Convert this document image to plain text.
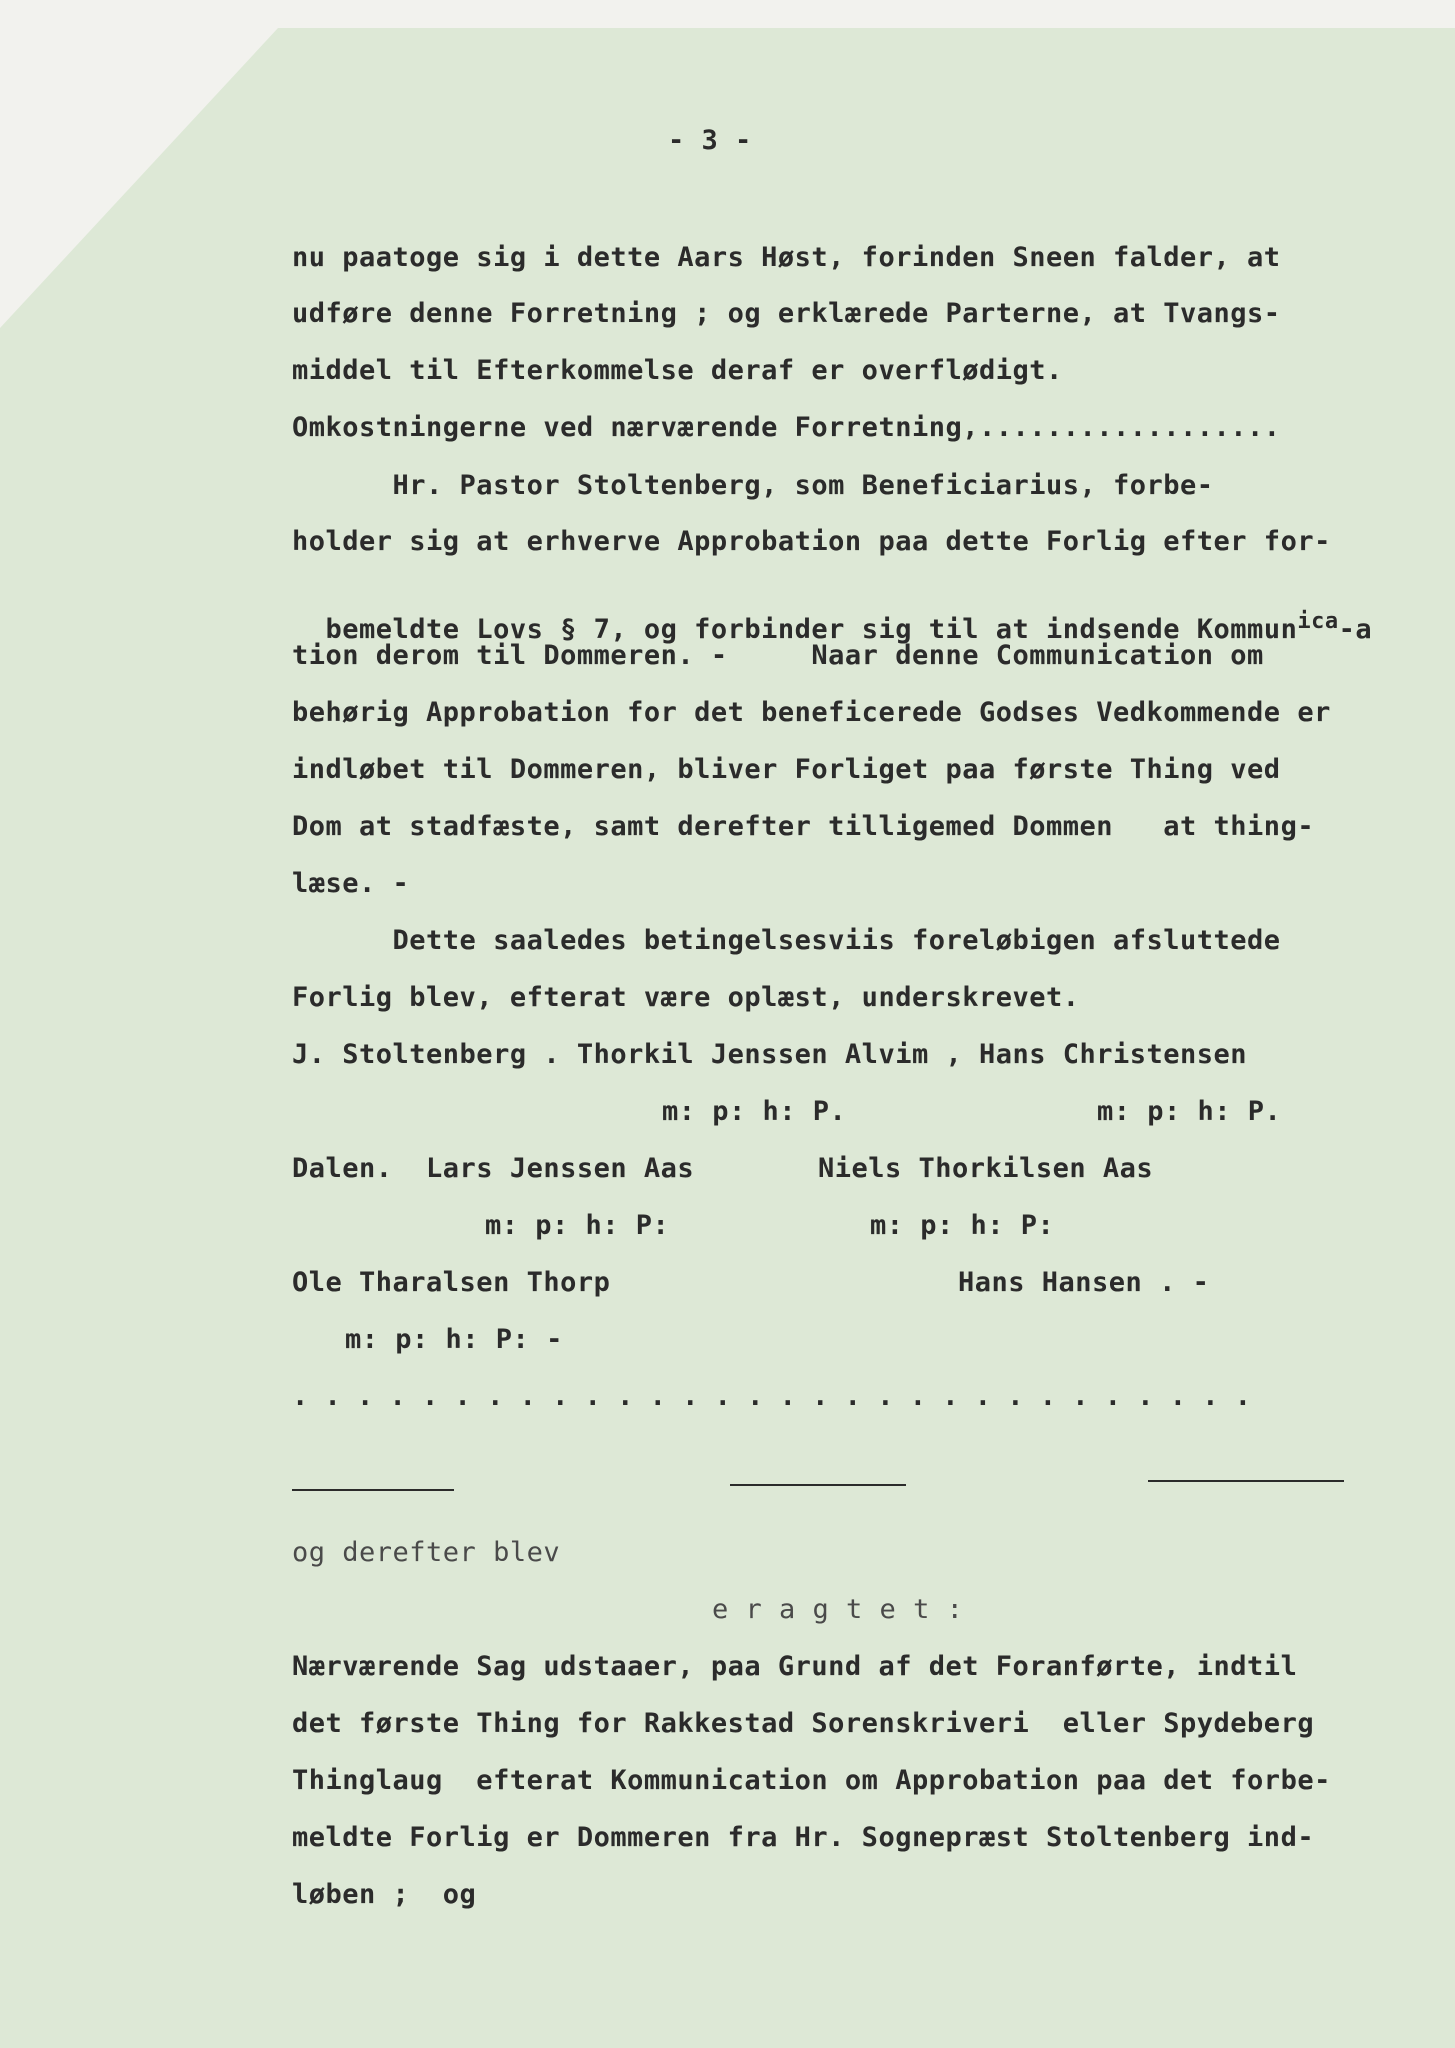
- 3 -
nu paatoge sig i dette Aars Høst, forinden Sneen falder, at
udføre denne Forretning ; og erklærede Parterne, at Tvangs-
middel til Efterkommelse deraf er overflødigt.
Omkostningerne ved nærværende Forretning,..................
Hr. Pastor Stoltenberg, som Beneficiarius, forbe-
holder sig at erhverve Approbation paa dette Forlig efter for-

bemeldte Lovs § 7, og forbinder sig til at indsende Kommun$^{ica}$-a

tion derom til Dommeren. -     Naar denne Communication om
behørig Approbation for det beneficerede Godses Vedkommende er
indløbet til Dommeren, bliver Forliget paa første Thing ved
Dom at stadfæste, samt derefter tilligemed Dommen   at thing-
læse. -
Dette saaledes betingelsesviis foreløbigen afsluttede
Forlig blev, efterat være oplæst, underskrevet.
J. Stoltenberg . Thorkil Jenssen Alvim , Hans Christensen
m: p: h: P.	m: p: h: P.
Dalen.  Lars Jenssen Aas	Niels Thorkilsen Aas
m: p: h: P:	m: p: h: P:
Ole Tharalsen Thorp	Hans Hansen . -
m: p: h: P: -
. . . . . . . . . . . . . . . . . . . . . . . . . . . . . .
og derefter blev
e r a g t e t :
Nærværende Sag udstaaer, paa Grund af det Foranførte, indtil
det første Thing for Rakkestad Sorenskriveri  eller Spydeberg
Thinglaug  efterat Kommunication om Approbation paa det forbe-
meldte Forlig er Dommeren fra Hr. Sognepræst Stoltenberg ind-
løben ;  og
